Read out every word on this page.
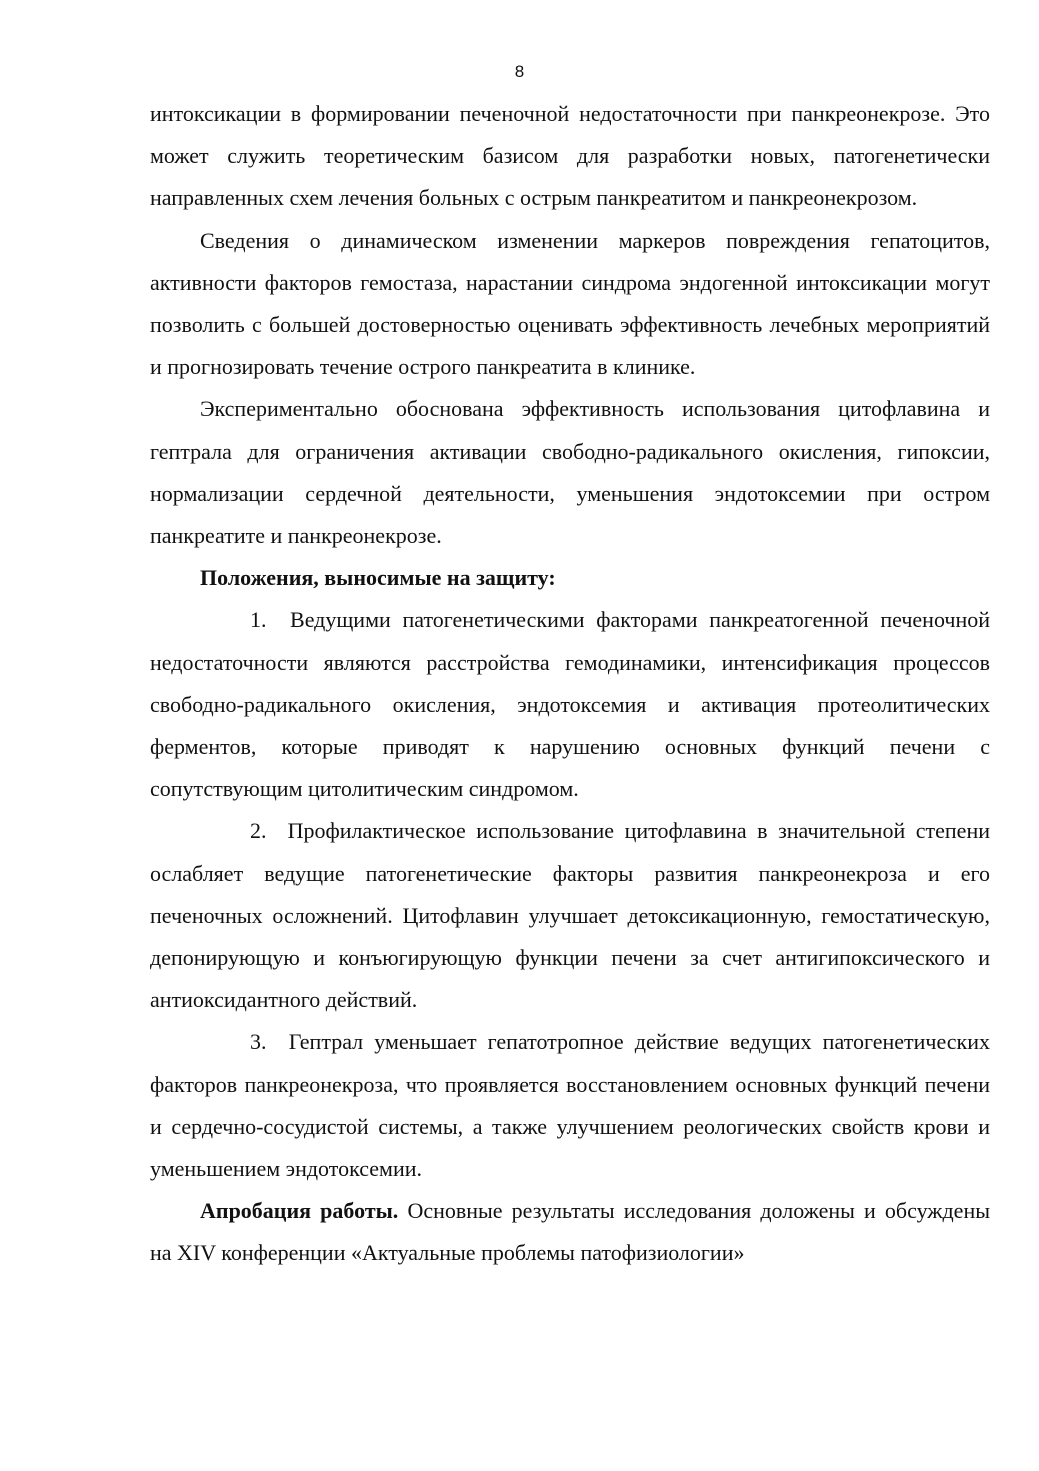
8

интоксикации в формировании печеночной недостаточности при панкреонекрозе. Это может служить теоретическим базисом для разработки новых, патогенетически направленных схем лечения больных с острым панкреатитом и панкреонекрозом.

Сведения о динамическом изменении маркеров повреждения гепатоцитов, активности факторов гемостаза, нарастании синдрома эндогенной интоксикации могут позволить с большей достоверностью оценивать эффективность лечебных мероприятий и прогнозировать течение острого панкреатита в клинике.

Экспериментально обоснована эффективность использования цитофлавина и гептрала для ограничения активации свободно-радикального окисления, гипоксии, нормализации сердечной деятельности, уменьшения эндотоксемии при остром панкреатите и панкреонекрозе.

Положения, выносимые на защиту:

1. Ведущими патогенетическими факторами панкреатогенной печеночной недостаточности являются расстройства гемодинамики, интенсификация процессов свободно-радикального окисления, эндотоксемия и активация протеолитических ферментов, которые приводят к нарушению основных функций печени с сопутствующим цитолитическим синдромом.

2. Профилактическое использование цитофлавина в значительной степени ослабляет ведущие патогенетические факторы развития панкреонекроза и его печеночных осложнений. Цитофлавин улучшает детоксикационную, гемостатическую, депонирующую и конъюгирующую функции печени за счет антигипоксического и антиоксидантного действий.

3. Гептрал уменьшает гепатотропное действие ведущих патогенетических факторов панкреонекроза, что проявляется восстановлением основных функций печени и сердечно-сосудистой системы, а также улучшением реологических свойств крови и уменьшением эндотоксемии.

Апробация работы. Основные результаты исследования доложены и обсуждены на XIV конференции «Актуальные проблемы патофизиологии»
